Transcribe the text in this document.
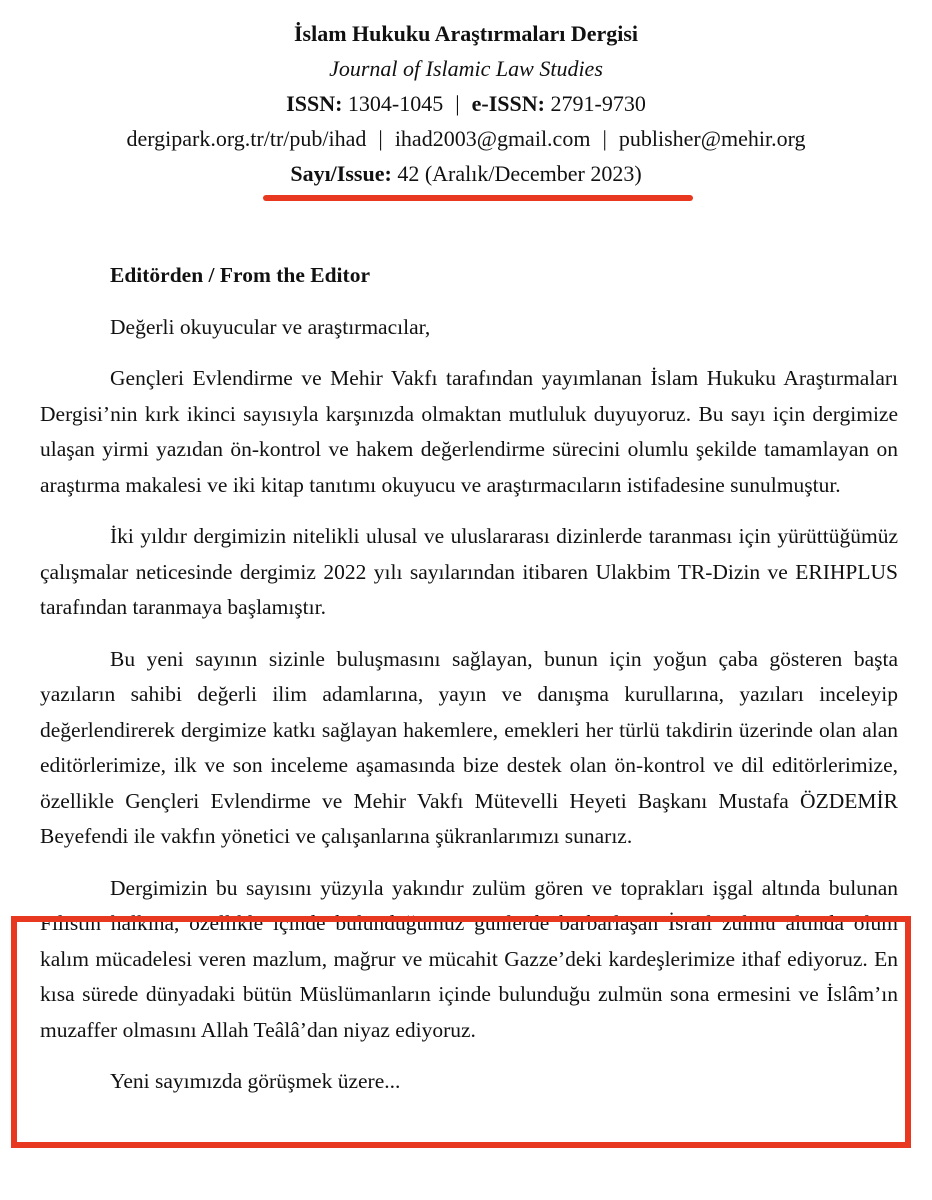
İslam Hukuku Araştırmaları Dergisi
Journal of Islamic Law Studies
ISSN: 1304-1045 | e-ISSN: 2791-9730
dergipark.org.tr/tr/pub/ihad | ihad2003@gmail.com | publisher@mehir.org
Sayı/Issue: 42 (Aralık/December 2023)
Editörden / From the Editor
Değerli okuyucular ve araştırmacılar,

Gençleri Evlendirme ve Mehir Vakfı tarafından yayımlanan İslam Hukuku Araştırmaları Dergisi’nin kırk ikinci sayısıyla karşınızda olmaktan mutluluk duyuyoruz. Bu sayı için dergimize ulaşan yirmi yazıdan ön-kontrol ve hakem değerlendirme sürecini olumlu şekilde tamamlayan on araştırma makalesi ve iki kitap tanıtımı okuyucu ve araştırmacıların istifadesine sunulmuştur.

İki yıldır dergimizin nitelikli ulusal ve uluslararası dizinlerde taranması için yürüttüğümüz çalışmalar neticesinde dergimiz 2022 yılı sayılarından itibaren Ulakbim TR-Dizin ve ERIHPLUS tarafından taranmaya başlamıştır.

Bu yeni sayının sizinle buluşmasını sağlayan, bunun için yoğun çaba gösteren başta yazıların sahibi değerli ilim adamlarına, yayın ve danışma kurullarına, yazıları inceleyip değerlendirerek dergimize katkı sağlayan hakemlere, emekleri her türlü takdirin üzerinde olan alan editörlerimize, ilk ve son inceleme aşamasında bize destek olan ön-kontrol ve dil editörlerimize, özellikle Gençleri Evlendirme ve Mehir Vakfı Mütevelli Heyeti Başkanı Mustafa ÖZDEMİR Beyefendi ile vakfın yönetici ve çalışanlarına şükranlarımızı sunarız.

Dergimizin bu sayısını yüzyıla yakındır zulüm gören ve toprakları işgal altında bulunan Filistin halkına, özellikle içinde bulunduğumuz günlerde barbarlaşan İsrail zulmü altında ölüm kalım mücadelesi veren mazlum, mağrur ve mücahit Gazze’deki kardeşlerimize ithaf ediyoruz. En kısa sürede dünyadaki bütün Müslümanların içinde bulunduğu zulmün sona ermesini ve İslâm’ın muzaffer olmasını Allah Teâlâ’dan niyaz ediyoruz.

Yeni sayımızda görüşmek üzere...
